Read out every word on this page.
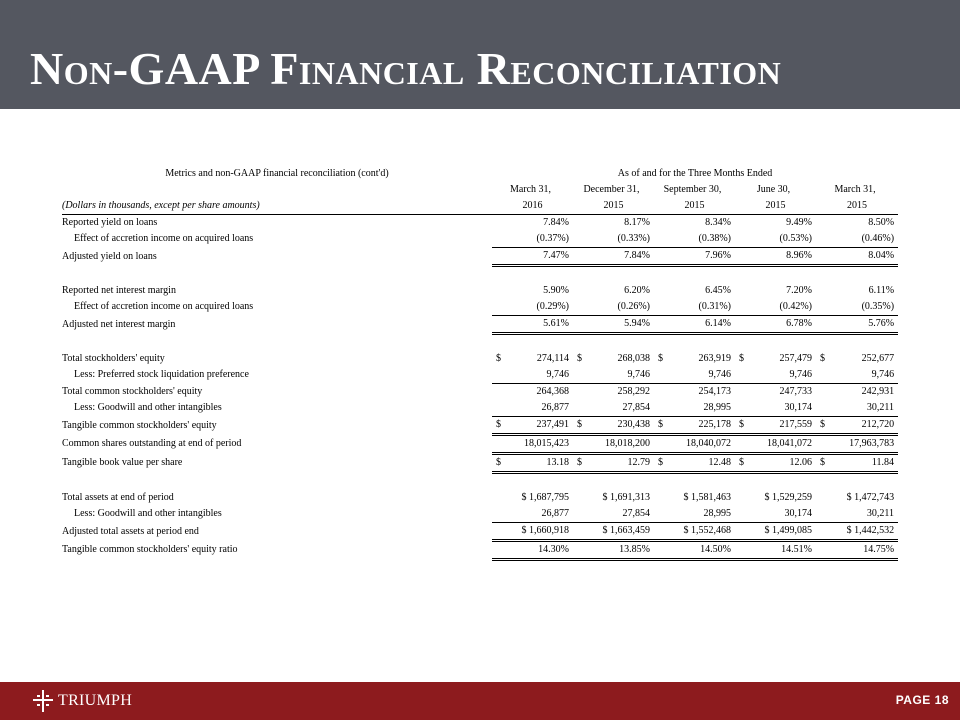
Non-GAAP Financial Reconciliation
Metrics and non-GAAP financial reconciliation (cont'd)	As of and for the Three Months Ended				
	March 31,	December 31,	September 30,	June 30,	March 31,
(Dollars in thousands, except per share amounts)	2016	2015	2015	2015	2015
Reported yield on loans	7.84%	8.17%	8.34%	9.49%	8.50%
Effect of accretion income on acquired loans	(0.37%)	(0.33%)	(0.38%)	(0.53%)	(0.46%)
Adjusted yield on loans	7.47%	7.84%	7.96%	8.96%	8.04%

Reported net interest margin	5.90%	6.20%	6.45%	7.20%	6.11%
Effect of accretion income on acquired loans	(0.29%)	(0.26%)	(0.31%)	(0.42%)	(0.35%)
Adjusted net interest margin	5.61%	5.94%	6.14%	6.78%	5.76%

Total stockholders' equity	$ 274,114	$ 268,038	$ 263,919	$ 257,479	$ 252,677

Less: Preferred stock liquidation preference	9,746	9,746	9,746	9,746	9,746
Total common stockholders' equity	264,368	258,292	254,173	247,733	242,931
Less: Goodwill and other intangibles	26,877	27,854	28,995	30,174	30,211
Tangible common stockholders' equity	$ 237,491	$ 230,438	$ 225,178	$ 217,559	$ 212,720

Common shares outstanding at end of period	18,015,423	18,018,200	18,040,072	18,041,072	17,963,783
Tangible book value per share	$ 13.18	$ 12.79	$ 12.48	$ 12.06	$ 11.84

Total assets at end of period	$ 1,687,795	$ 1,691,313	$ 1,581,463	$ 1,529,259	$ 1,472,743
Less: Goodwill and other intangibles	26,877	27,854	28,995	30,174	30,211
Adjusted total assets at period end	$ 1,660,918	$ 1,663,459	$ 1,552,468	$ 1,499,085	$ 1,442,532
Tangible common stockholders' equity ratio	14.30%	13.85%	14.50%	14.51%	14.75%
TRIUMPH	PAGE 18
